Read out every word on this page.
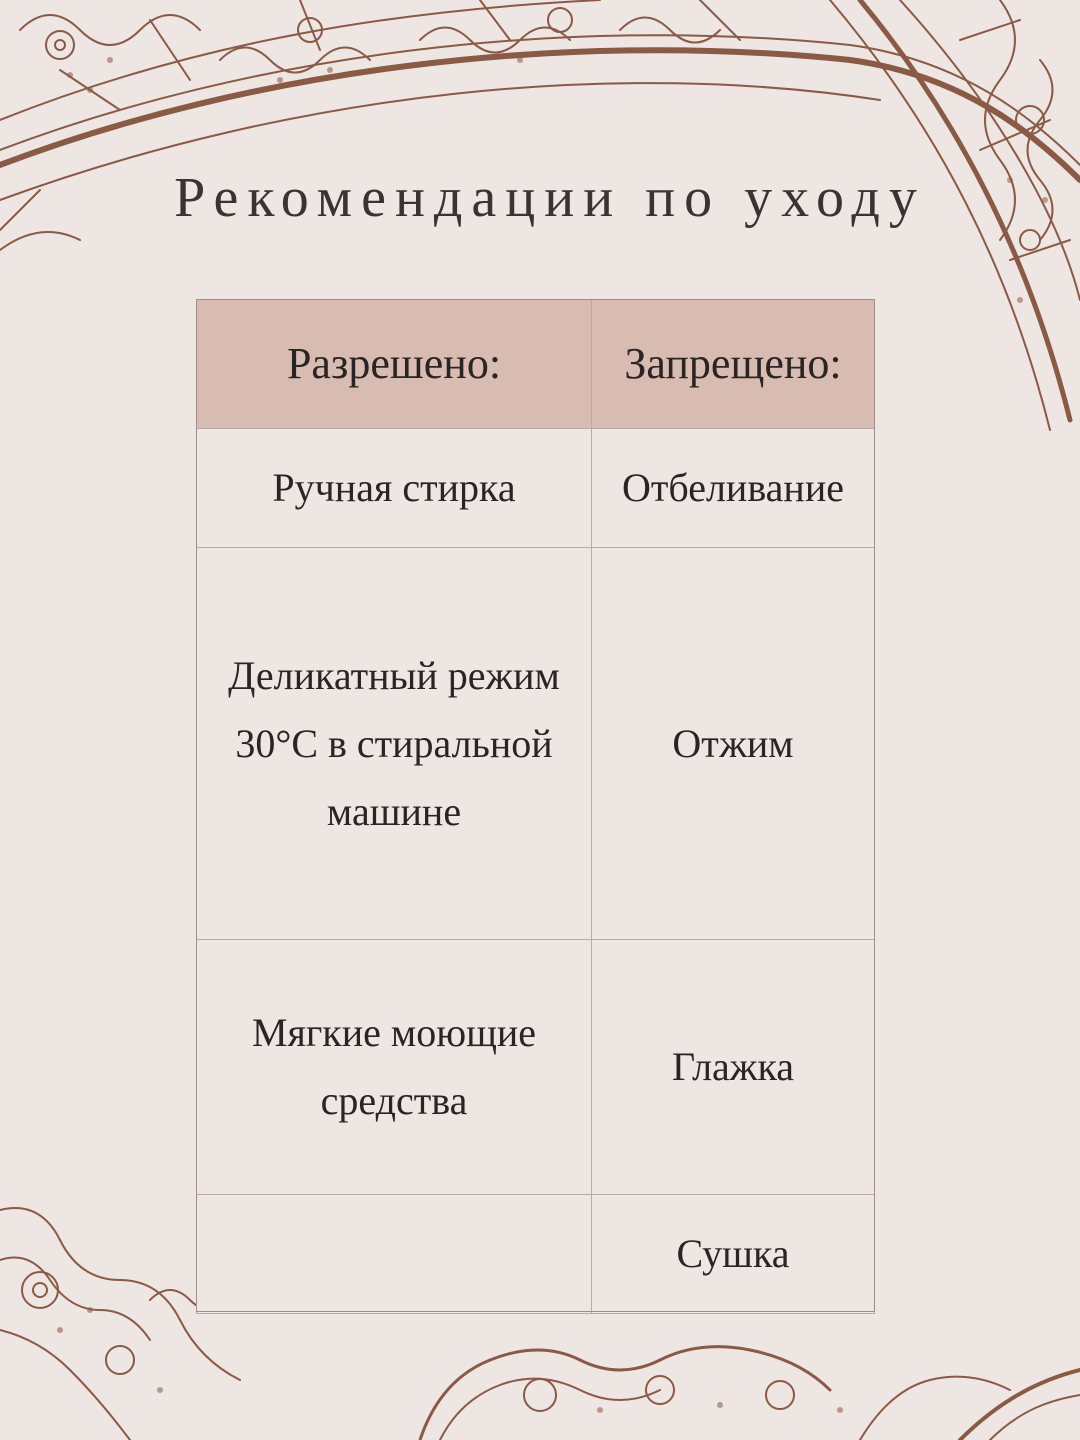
Рекомендации по уходу
Разрешено:	Запрещено:
Ручная стирка	Отбеливание
Деликатный режим 30°С в стиральной машине	Отжим
Мягкие моющие средства	Глажка
	Сушка
